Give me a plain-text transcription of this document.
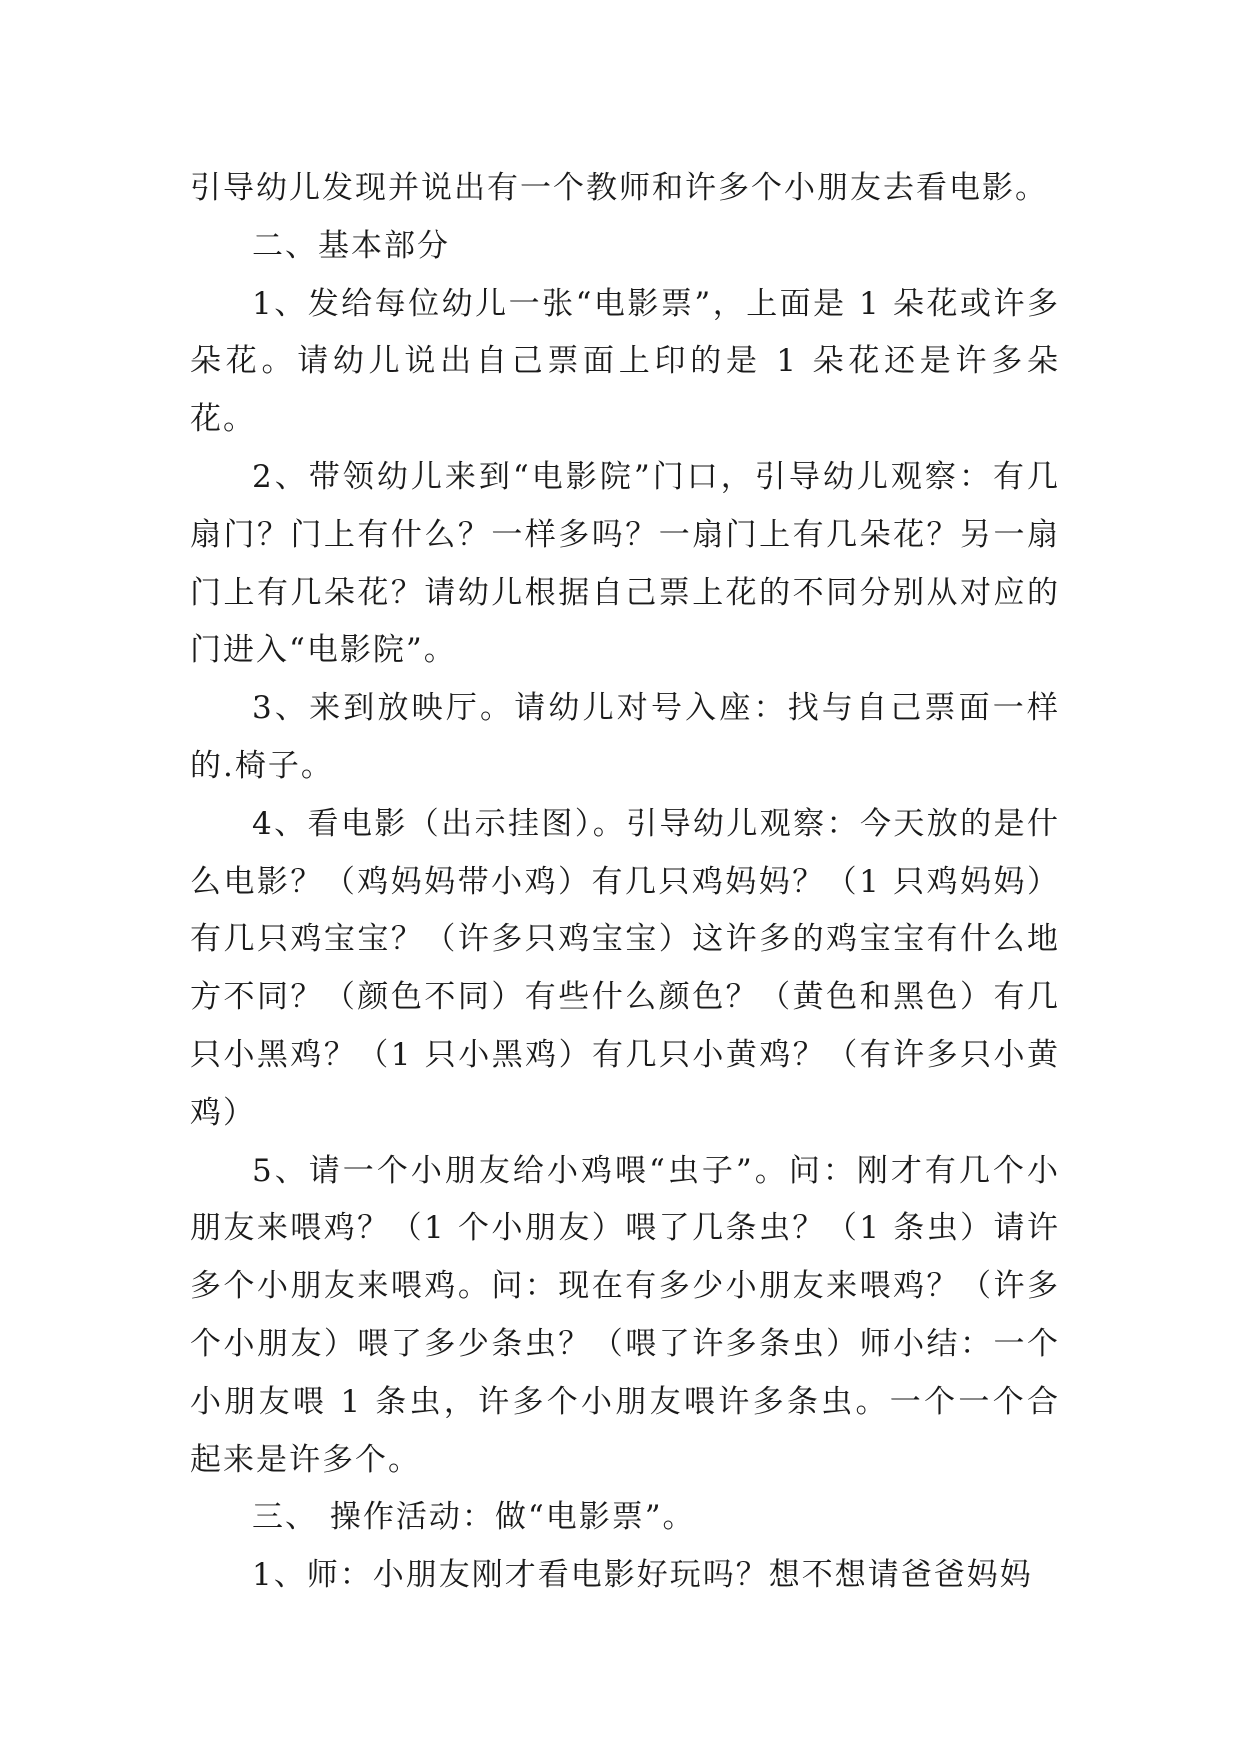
引导幼儿发现并说出有一个教师和许多个小朋友去看电影。

二、基本部分

1、发给每位幼儿一张“电影票”，上面是 1 朵花或许多朵花。请幼儿说出自己票面上印的是 1 朵花还是许多朵花。

2、带领幼儿来到“电影院”门口，引导幼儿观察：有几扇门？门上有什么？一样多吗？一扇门上有几朵花？另一扇门上有几朵花？请幼儿根据自己票上花的不同分别从对应的门进入“电影院”。

3、来到放映厅。请幼儿对号入座：找与自己票面一样的.椅子。

4、看电影（出示挂图）。引导幼儿观察：今天放的是什么电影？（鸡妈妈带小鸡）有几只鸡妈妈？（1 只鸡妈妈）有几只鸡宝宝？（许多只鸡宝宝）这许多的鸡宝宝有什么地方不同？（颜色不同）有些什么颜色？（黄色和黑色）有几只小黑鸡？（1 只小黑鸡）有几只小黄鸡？（有许多只小黄鸡）

5、请一个小朋友给小鸡喂“虫子”。问：刚才有几个小朋友来喂鸡？（1 个小朋友）喂了几条虫？（1 条虫）请许多个小朋友来喂鸡。问：现在有多少小朋友来喂鸡？（许多个小朋友）喂了多少条虫？（喂了许多条虫）师小结：一个小朋友喂 1 条虫，许多个小朋友喂许多条虫。一个一个合起来是许多个。

三、 操作活动：做“电影票”。

1、师：小朋友刚才看电影好玩吗？想不想请爸爸妈妈
